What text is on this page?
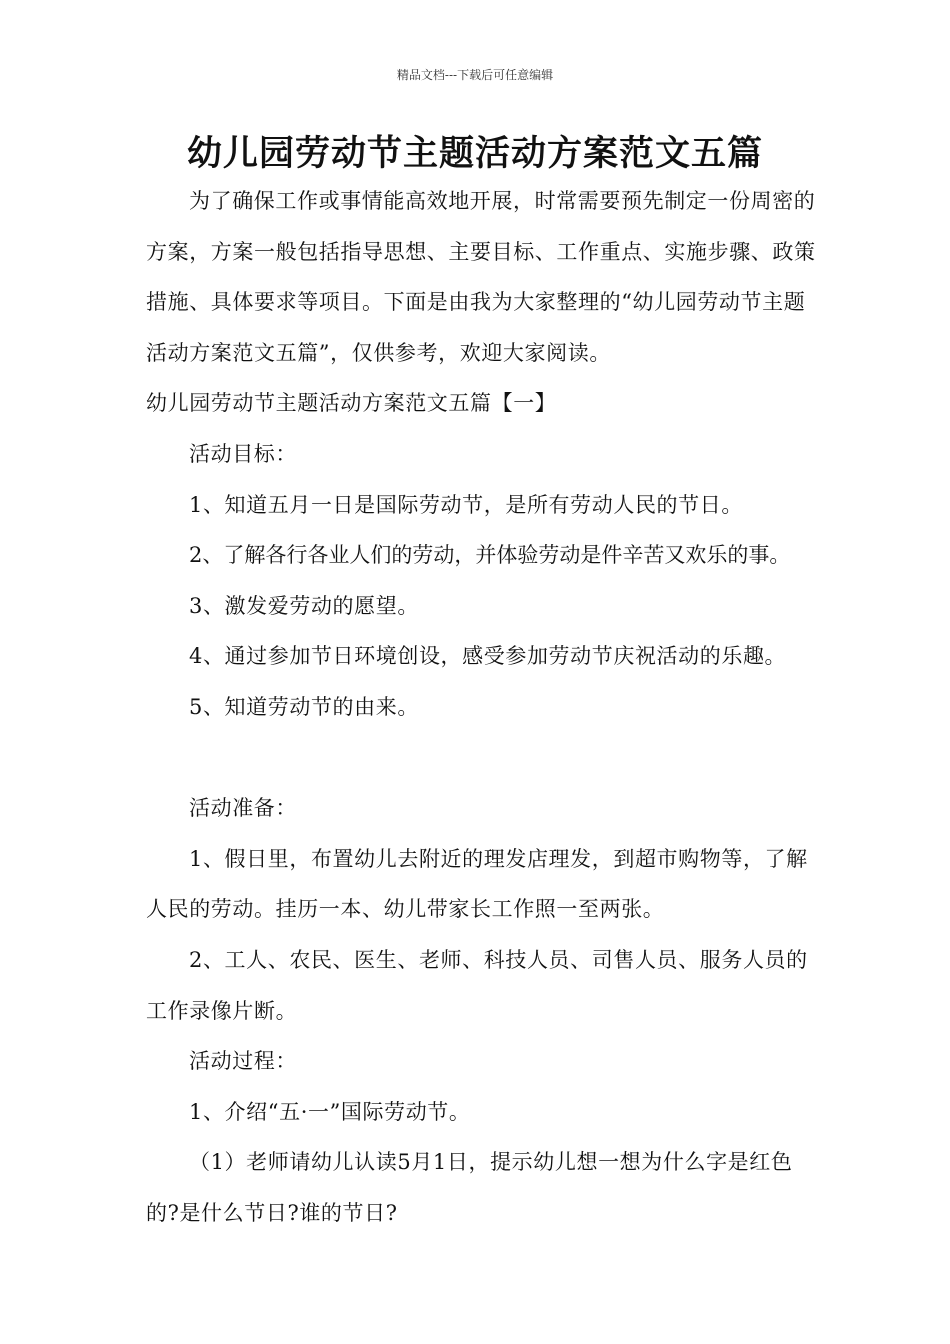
精品文档---下载后可任意编辑
幼儿园劳动节主题活动方案范文五篇

为了确保工作或事情能高效地开展，时常需要预先制定一份周密的方案，方案一般包括指导思想、主要目标、工作重点、实施步骤、政策措施、具体要求等项目。下面是由我为大家整理的“幼儿园劳动节主题活动方案范文五篇”，仅供参考，欢迎大家阅读。

幼儿园劳动节主题活动方案范文五篇【一】

活动目标：

1、知道五月一日是国际劳动节，是所有劳动人民的节日。

2、了解各行各业人们的劳动，并体验劳动是件辛苦又欢乐的事。

3、激发爱劳动的愿望。

4、通过参加节日环境创设，感受参加劳动节庆祝活动的乐趣。

5、知道劳动节的由来。

活动准备：

1、假日里，布置幼儿去附近的理发店理发，到超市购物等，了解人民的劳动。挂历一本、幼儿带家长工作照一至两张。

2、工人、农民、医生、老师、科技人员、司售人员、服务人员的工作录像片断。

活动过程：

1、介绍“五·一”国际劳动节。

（1）老师请幼儿认读5月1日，提示幼儿想一想为什么字是红色的?是什么节日?谁的节日?
